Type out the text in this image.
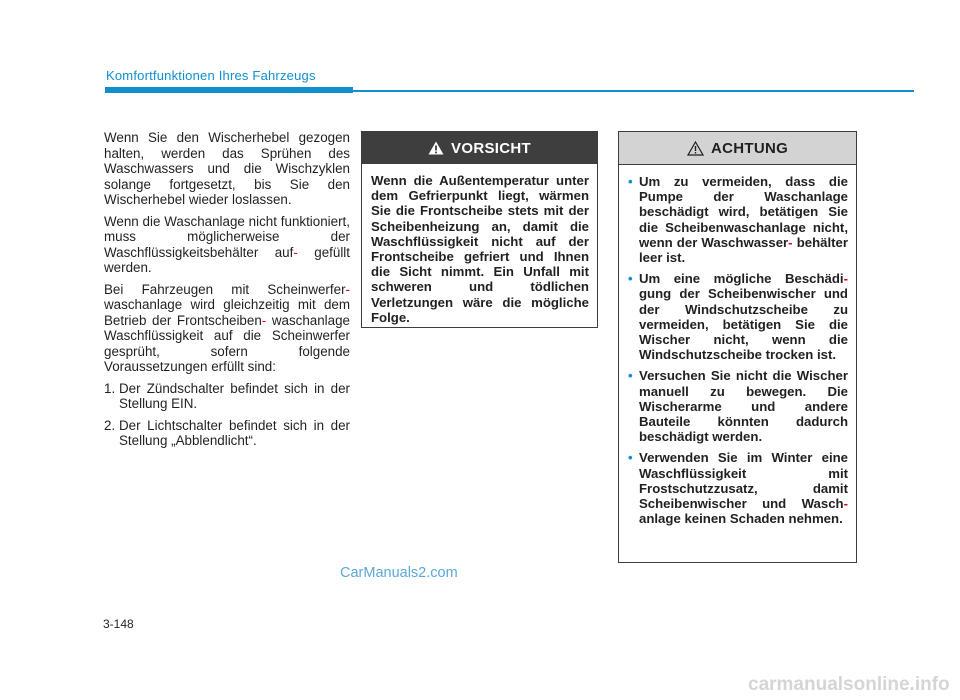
Komfortfunktionen Ihres Fahrzeugs

Wenn Sie den Wischerhebel gezogen halten, werden das Sprühen des Waschwassers und die Wischzyklen solange fortgesetzt, bis Sie den Wischerhebel wieder loslassen.

Wenn die Waschanlage nicht funktioniert, muss möglicherweise der Waschflüssigkeitsbehälter auf- gefüllt werden.

Bei Fahrzeugen mit Scheinwerfer- waschanlage wird gleichzeitig mit dem Betrieb der Frontscheiben- waschanlage Waschflüssigkeit auf die Scheinwerfer gesprüht, sofern folgende Voraussetzungen erfüllt sind:

1. Der Zündschalter befindet sich in der Stellung EIN.
2. Der Lichtschalter befindet sich in der Stellung „Abblendlicht“.
VORSICHT
Wenn die Außentemperatur unter dem Gefrierpunkt liegt, wärmen Sie die Frontscheibe stets mit der Scheibenheizung an, damit die Waschflüssigkeit nicht auf der Frontscheibe gefriert und Ihnen die Sicht nimmt. Ein Unfall mit schweren und tödlichen Verletzungen wäre die mögliche Folge.
ACHTUNG
• Um zu vermeiden, dass die Pumpe der Waschanlage beschädigt wird, betätigen Sie die Scheibenwaschanlage nicht, wenn der Waschwasser- behälter leer ist.
• Um eine mögliche Beschädi- gung der Scheibenwischer und der Windschutzscheibe zu vermeiden, betätigen Sie die Wischer nicht, wenn die Windschutzscheibe trocken ist.
• Versuchen Sie nicht die Wischer manuell zu bewegen. Die Wischerarme und andere Bauteile könnten dadurch beschädigt werden.
• Verwenden Sie im Winter eine Waschflüssigkeit mit Frostschutzzusatz, damit Scheibenwischer und Wasch- anlage keinen Schaden nehmen.
CarManuals2.com
3-148
carmanualsonline.info
